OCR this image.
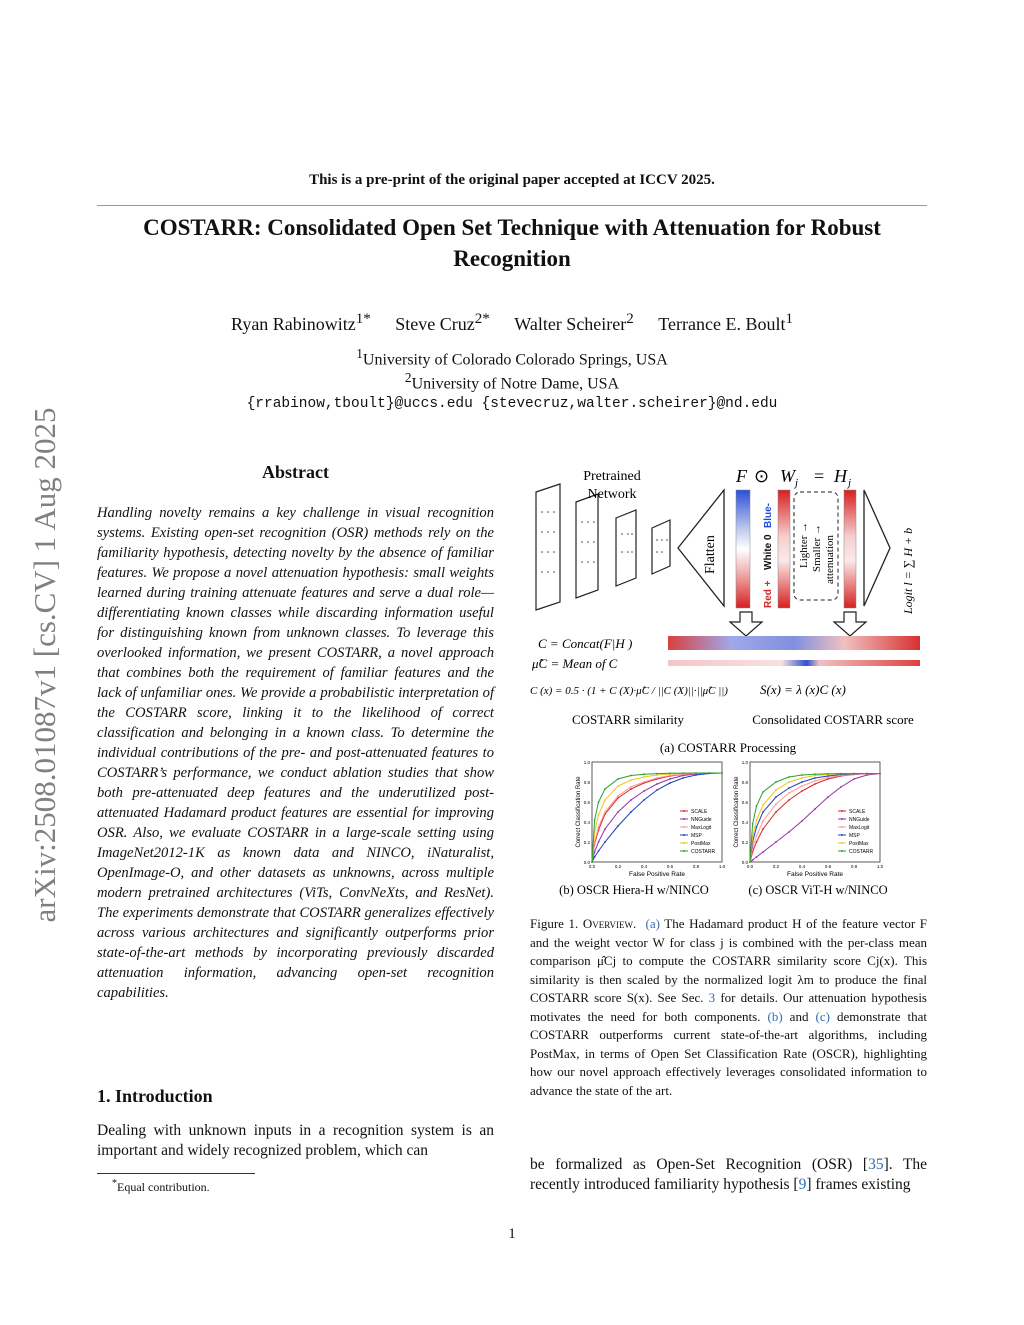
This is a pre-print of the original paper accepted at ICCV 2025.
COSTARR: Consolidated Open Set Technique with Attenuation for Robust Recognition
Ryan Rabinowitz$^{1*}$ Steve Cruz$^{2*}$ Walter Scheirer$^2$ Terrance E. Boult$^1$
$^1$University of Colorado Colorado Springs, USA
$^2$University of Notre Dame, USA
{rrabinow,tboult}@uccs.edu {stevecruz,walter.scheirer}@nd.edu
arXiv:2508.01087v1 [cs.CV] 1 Aug 2025	Abstract
Handling novelty remains a key challenge in visual recognition systems. Existing open-set recognition (OSR) methods rely on the familiarity hypothesis, detecting novelty by the absence of familiar features. We propose a novel attenuation hypothesis: small weights learned during training attenuate features and serve a dual role—differentiating known classes while discarding information useful for distinguishing known from unknown classes. To leverage this overlooked information, we present COSTARR, a novel approach that combines both the requirement of familiar features and the lack of unfamiliar ones. We provide a probabilistic interpretation of the COSTARR score, linking it to the likelihood of correct classification and belonging in a known class. To determine the individual contributions of the pre- and post-attenuated features to COSTARR’s performance, we conduct ablation studies that show both pre-attenuated deep features and the underutilized post-attenuated Hadamard product features are essential for improving OSR. Also, we evaluate COSTARR in a large-scale setting using ImageNet2012-1K as known data and NINCO, iNaturalist, OpenImage-O, and other datasets as unknowns, across multiple modern pretrained architectures (ViTs, ConvNeXts, and ResNet). The experiments demonstrate that COSTARR generalizes effectively across various architectures and significantly outperforms prior state-of-the-art methods by incorporating previously discarded attenuation information, advancing open-set recognition capabilities.
1. Introduction
Dealing with unknown inputs in a recognition system is an important and widely recognized problem, which can
*Equal contribution.
Pretrained
Network
Flatten
F ⊙ W j = H j
Red +
White 0
Blue-
Lighter → Smaller → attenuation
Logit l = ∑ H + b
C = Concat(F|H )
μ̂C = Mean of C
C (x) = 0.5 · (1 + C (X)·μ̂C / ||C (X)||·||μ̂C ||) S(x) = λ (x)C (x)
COSTARR similarity	Consolidated COSTARR score
(a) COSTARR Processing
0.0
0.2
0.4
0.6
0.8
1.0
0.0	0.2	0.4	0.6	0.8	1.0
False Positive Rate
Correct Classification Rate	SCALE
NNGuide
MaxLogit
MSP
PostMax
COSTARR
0.0
0.2
0.4
0.6
0.8
1.0
0.0	0.2	0.4	0.6	0.8	1.0
False Positive Rate
Correct Classification Rate	SCALE
NNGuide
MaxLogit
MSP
PostMax
COSTARR
(b) OSCR Hiera-H w/NINCO	(c) OSCR ViT-H w/NINCO
Figure 1. Overview. (a) The Hadamard product H of the feature vector F and the weight vector W for class j is combined with the per-class mean comparison μ̂Cj to compute the COSTARR similarity score Cj(x). This similarity is then scaled by the normalized logit λm to produce the final COSTARR score S(x). See Sec. 3 for details. Our attenuation hypothesis motivates the need for both components. (b) and (c) demonstrate that COSTARR outperforms current state-of-the-art algorithms, including PostMax, in terms of Open Set Classification Rate (OSCR), highlighting how our novel approach effectively leverages consolidated information to advance the state of the art.
be formalized as Open-Set Recognition (OSR) [35]. The recently introduced familiarity hypothesis [9] frames existing
1
